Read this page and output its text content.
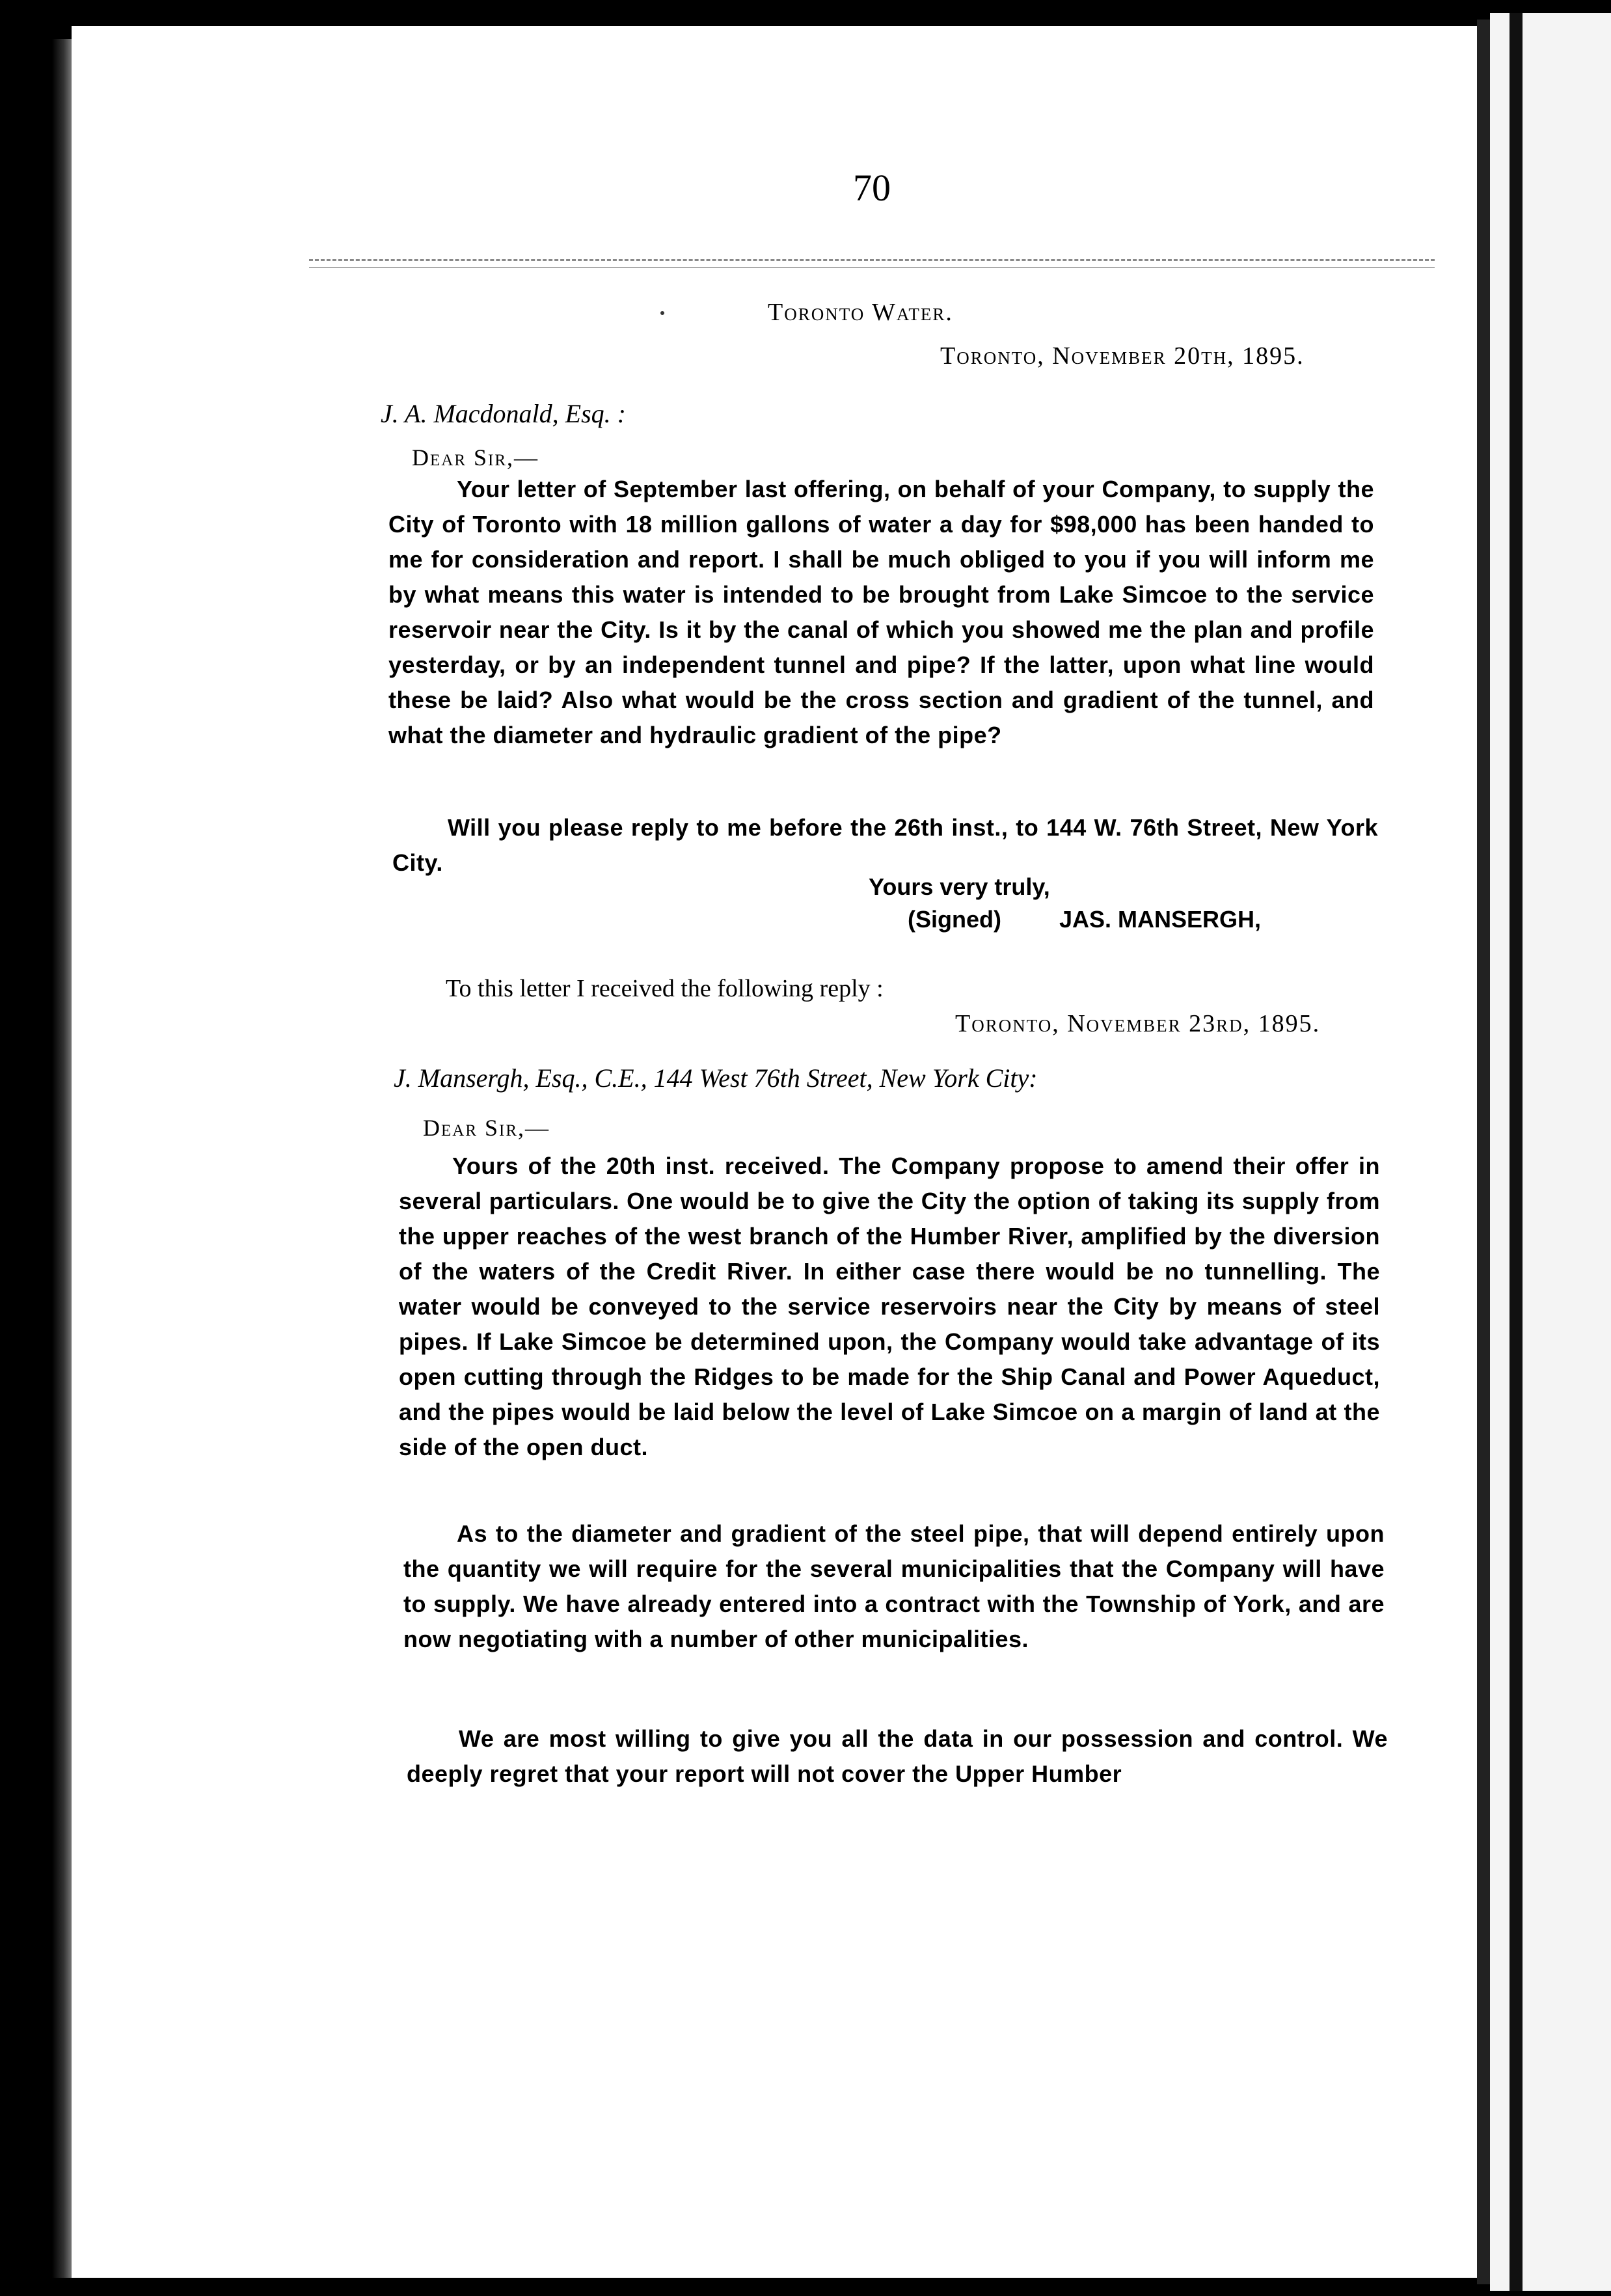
70
Toronto Water.
Toronto, November 20th, 1895.
J. A. Macdonald, Esq. :
Dear Sir,—
Your letter of September last offering, on behalf of your Company, to supply the City of Toronto with 18 million gallons of water a day for $98,000 has been handed to me for consideration and report. I shall be much obliged to you if you will inform me by what means this water is intended to be brought from Lake Simcoe to the service reservoir near the City. Is it by the canal of which you showed me the plan and profile yesterday, or by an independent tunnel and pipe? If the latter, upon what line would these be laid? Also what would be the cross section and gradient of the tunnel, and what the diameter and hydraulic gradient of the pipe?
Will you please reply to me before the 26th inst., to 144 W. 76th Street, New York City.
Yours very truly,
(Signed) JAS. MANSERGH,
To this letter I received the following reply :
Toronto, November 23rd, 1895.
J. Mansergh, Esq., C.E., 144 West 76th Street, New York City:
Dear Sir,—
Yours of the 20th inst. received. The Company propose to amend their offer in several particulars. One would be to give the City the option of taking its supply from the upper reaches of the west branch of the Humber River, amplified by the diversion of the waters of the Credit River. In either case there would be no tunnelling. The water would be conveyed to the service reservoirs near the City by means of steel pipes. If Lake Simcoe be determined upon, the Company would take advantage of its open cutting through the Ridges to be made for the Ship Canal and Power Aqueduct, and the pipes would be laid below the level of Lake Simcoe on a margin of land at the side of the open duct.
As to the diameter and gradient of the steel pipe, that will depend entirely upon the quantity we will require for the several municipalities that the Company will have to supply. We have already entered into a contract with the Township of York, and are now negotiating with a number of other municipalities.
We are most willing to give you all the data in our possession and control. We deeply regret that your report will not cover the Upper Humber
